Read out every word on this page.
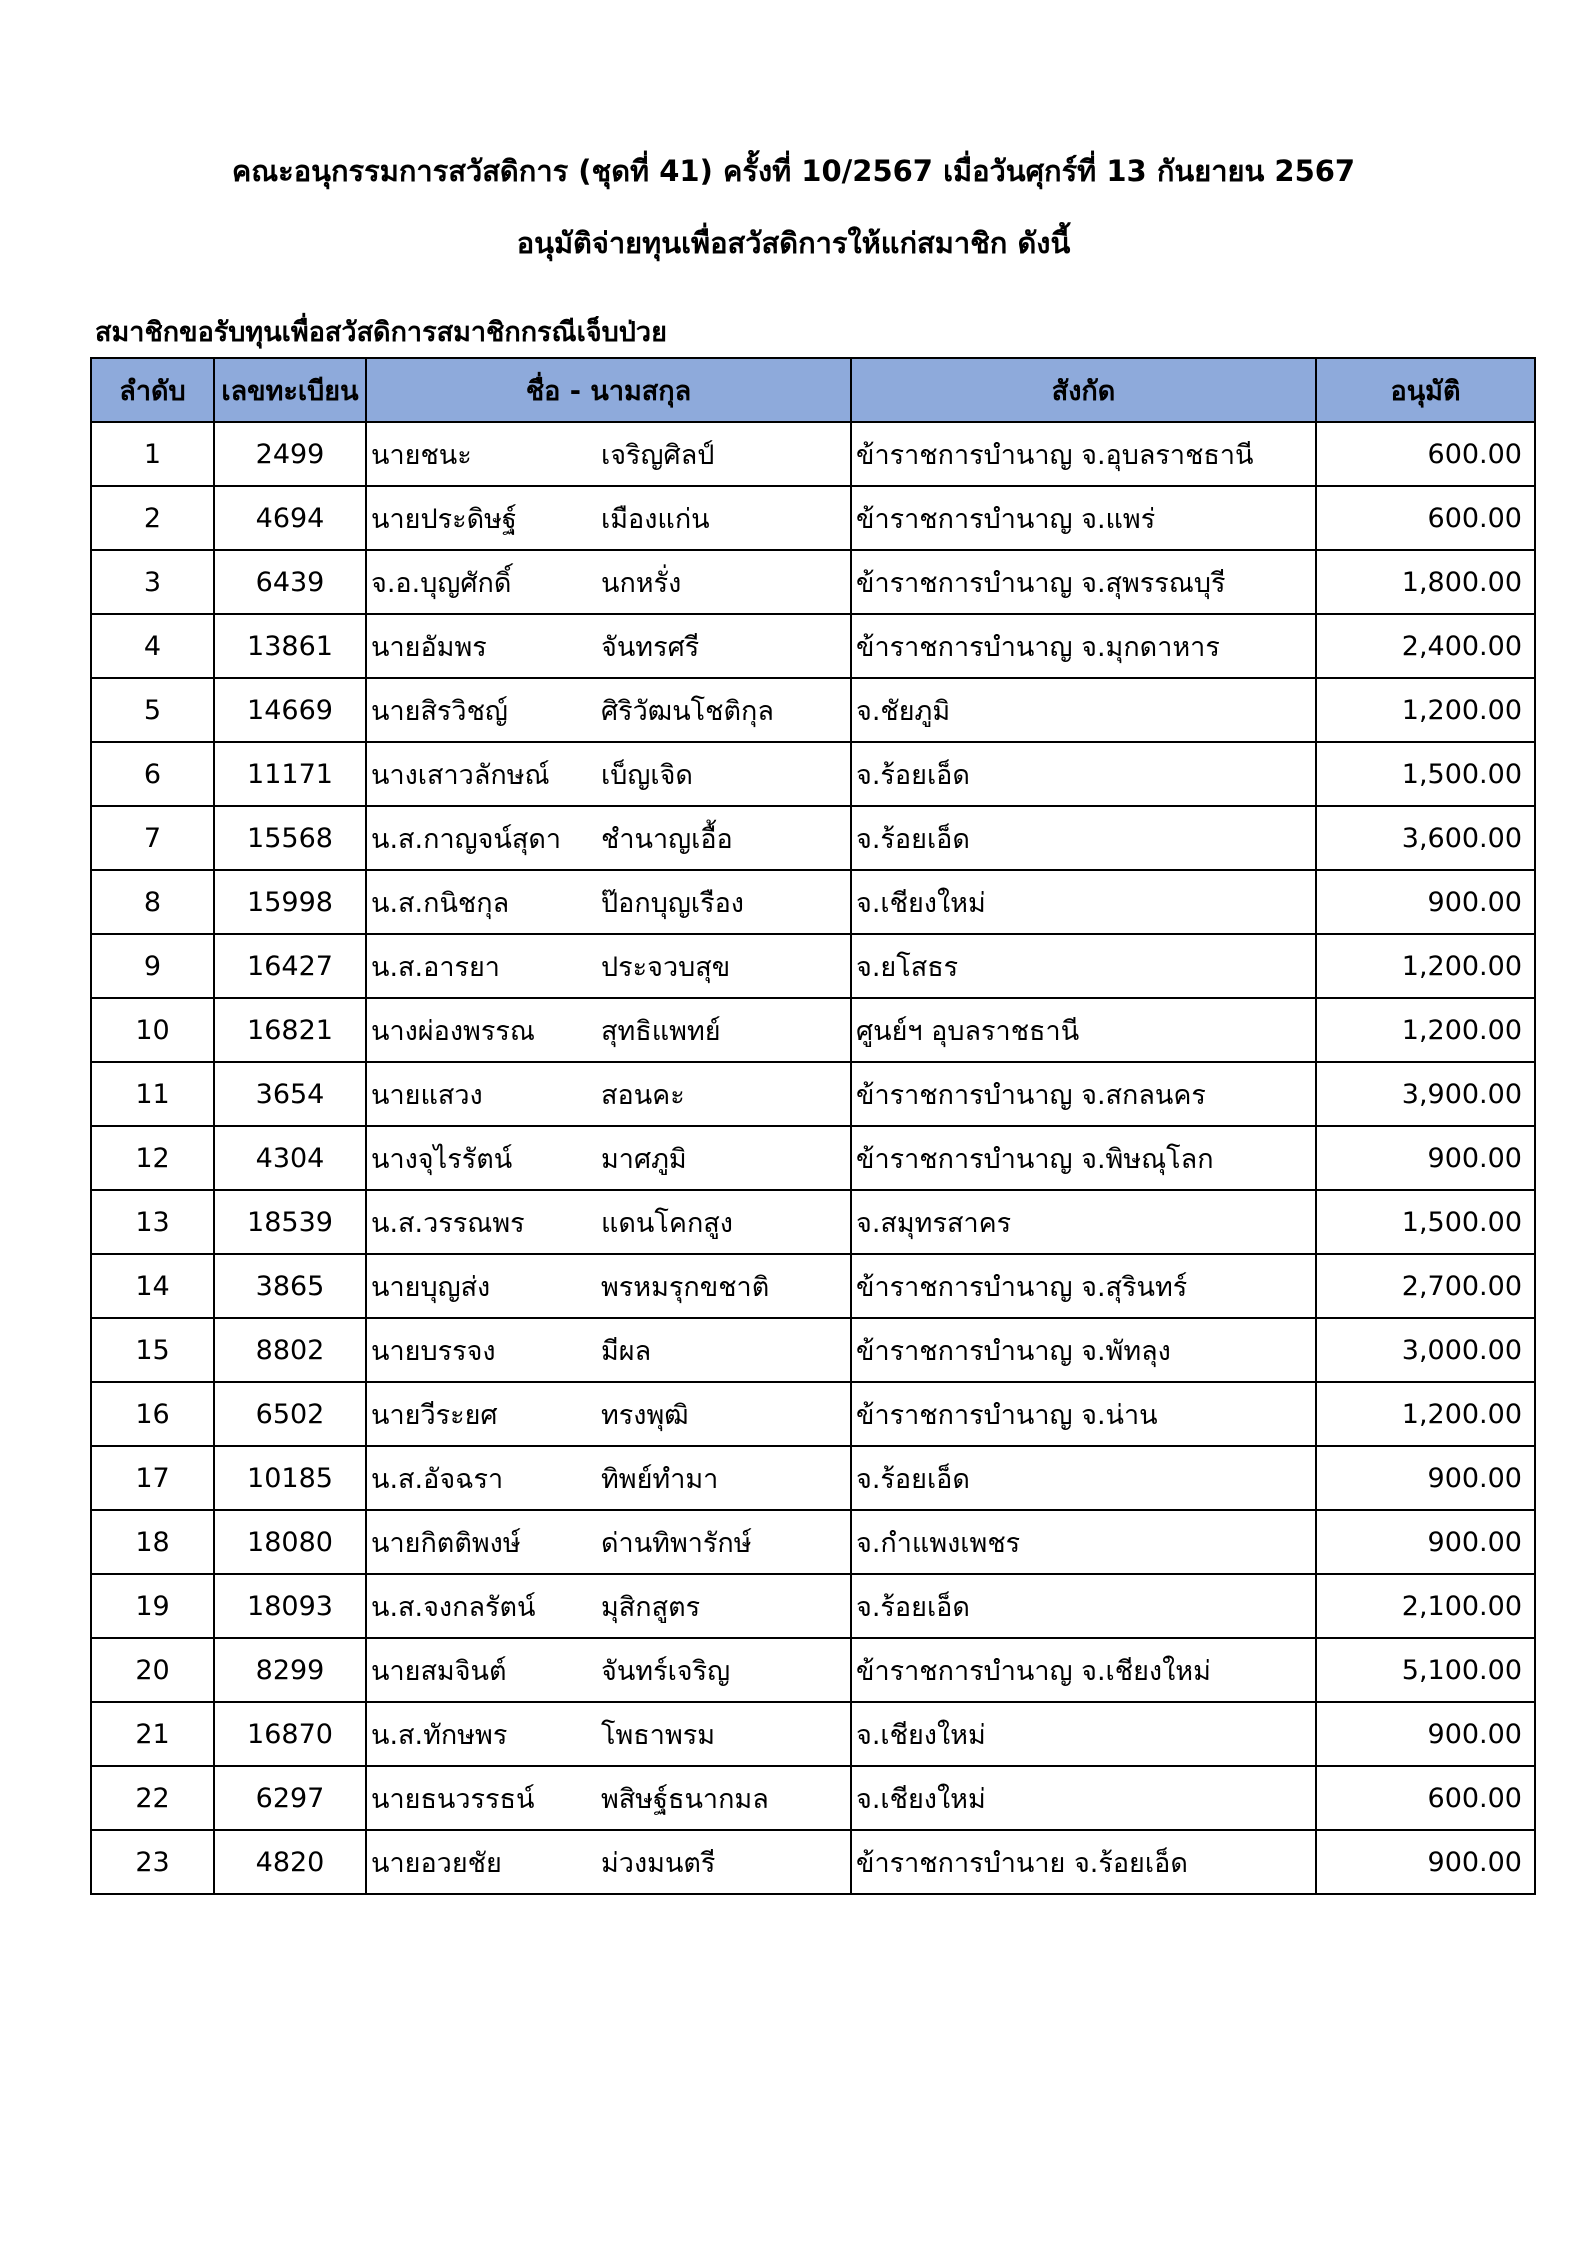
คณะอนุกรรมการสวัสดิการ (ชุดที่ 41) ครั้งที่ 10/2567 เมื่อวันศุกร์ที่ 13 กันยายน 2567
อนุมัติจ่ายทุนเพื่อสวัสดิการให้แก่สมาชิก ดังนี้
สมาชิกขอรับทุนเพื่อสวัสดิการสมาชิกกรณีเจ็บป่วย
ลำดับ	เลขทะเบียน	ชื่อ - นามสกุล	สังกัด	อนุมัติ
1	2499	นายชนะ เจริญศิลป์	ข้าราชการบำนาญ จ.อุบลราชธานี	600.00
2	4694	นายประดิษฐ์ เมืองแก่น	ข้าราชการบำนาญ จ.แพร่	600.00
3	6439	จ.อ.บุญศักดิ์ นกหรั่ง	ข้าราชการบำนาญ จ.สุพรรณบุรี	1,800.00
4	13861	นายอัมพร จันทรศรี	ข้าราชการบำนาญ จ.มุกดาหาร	2,400.00
5	14669	นายสิรวิชญ์ ศิริวัฒนโชติกุล	จ.ชัยภูมิ	1,200.00
6	11171	นางเสาวลักษณ์ เบ็ญเจิด	จ.ร้อยเอ็ด	1,500.00
7	15568	น.ส.กาญจน์สุดา ชำนาญเอื้อ	จ.ร้อยเอ็ด	3,600.00
8	15998	น.ส.กนิชกุล ป๊อกบุญเรือง	จ.เชียงใหม่	900.00
9	16427	น.ส.อารยา ประจวบสุข	จ.ยโสธร	1,200.00
10	16821	นางผ่องพรรณ สุทธิแพทย์	ศูนย์ฯ อุบลราชธานี	1,200.00
11	3654	นายแสวง สอนคะ	ข้าราชการบำนาญ จ.สกลนคร	3,900.00
12	4304	นางจุไรรัตน์ มาศภูมิ	ข้าราชการบำนาญ จ.พิษณุโลก	900.00
13	18539	น.ส.วรรณพร แดนโคกสูง	จ.สมุทรสาคร	1,500.00
14	3865	นายบุญส่ง พรหมรุกขชาติ	ข้าราชการบำนาญ จ.สุรินทร์	2,700.00
15	8802	นายบรรจง มีผล	ข้าราชการบำนาญ จ.พัทลุง	3,000.00
16	6502	นายวีระยศ ทรงพุฒิ	ข้าราชการบำนาญ จ.น่าน	1,200.00
17	10185	น.ส.อัจฉรา ทิพย์ทำมา	จ.ร้อยเอ็ด	900.00
18	18080	นายกิตติพงษ์ ด่านทิพารักษ์	จ.กำแพงเพชร	900.00
19	18093	น.ส.จงกลรัตน์ มุสิกสูตร	จ.ร้อยเอ็ด	2,100.00
20	8299	นายสมจินต์ จันทร์เจริญ	ข้าราชการบำนาญ จ.เชียงใหม่	5,100.00
21	16870	น.ส.ทักษพร โพธาพรม	จ.เชียงใหม่	900.00
22	6297	นายธนวรรธน์ พสิษฐ์ธนากมล	จ.เชียงใหม่	600.00
23	4820	นายอวยชัย ม่วงมนตรี	ข้าราชการบำนาย จ.ร้อยเอ็ด	900.00
